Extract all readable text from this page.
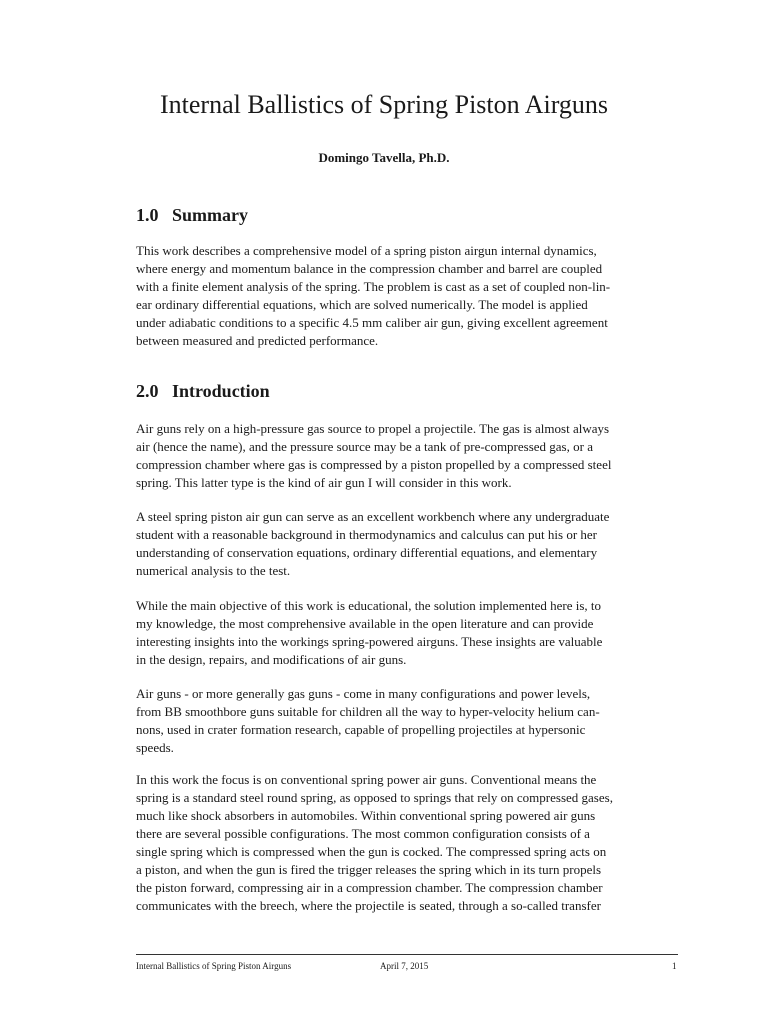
Internal Ballistics of Spring Piston Airguns

Domingo Tavella, Ph.D.

1.0 Summary
This work describes a comprehensive model of a spring piston airgun internal dynamics,
where energy and momentum balance in the compression chamber and barrel are coupled
with a finite element analysis of the spring. The problem is cast as a set of coupled non-lin-
ear ordinary differential equations, which are solved numerically. The model is applied
under adiabatic conditions to a specific 4.5 mm caliber air gun, giving excellent agreement
between measured and predicted performance.
2.0 Introduction
Air guns rely on a high-pressure gas source to propel a projectile. The gas is almost always
air (hence the name), and the pressure source may be a tank of pre-compressed gas, or a
compression chamber where gas is compressed by a piston propelled by a compressed steel
spring. This latter type is the kind of air gun I will consider in this work.
A steel spring piston air gun can serve as an excellent workbench where any undergraduate
student with a reasonable background in thermodynamics and calculus can put his or her
understanding of conservation equations, ordinary differential equations, and elementary
numerical analysis to the test.
While the main objective of this work is educational, the solution implemented here is, to
my knowledge, the most comprehensive available in the open literature and can provide
interesting insights into the workings spring-powered airguns. These insights are valuable
in the design, repairs, and modifications of air guns.
Air guns - or more generally gas guns - come in many configurations and power levels,
from BB smoothbore guns suitable for children all the way to hyper-velocity helium can-
nons, used in crater formation research, capable of propelling projectiles at hypersonic
speeds.
In this work the focus is on conventional spring power air guns. Conventional means the
spring is a standard steel round spring, as opposed to springs that rely on compressed gases,
much like shock absorbers in automobiles. Within conventional spring powered air guns
there are several possible configurations. The most common configuration consists of a
single spring which is compressed when the gun is cocked. The compressed spring acts on
a piston, and when the gun is fired the trigger releases the spring which in its turn propels
the piston forward, compressing air in a compression chamber. The compression chamber
communicates with the breech, where the projectile is seated, through a so-called transfer
Internal Ballistics of Spring Piston Airguns	April 7, 2015	1
